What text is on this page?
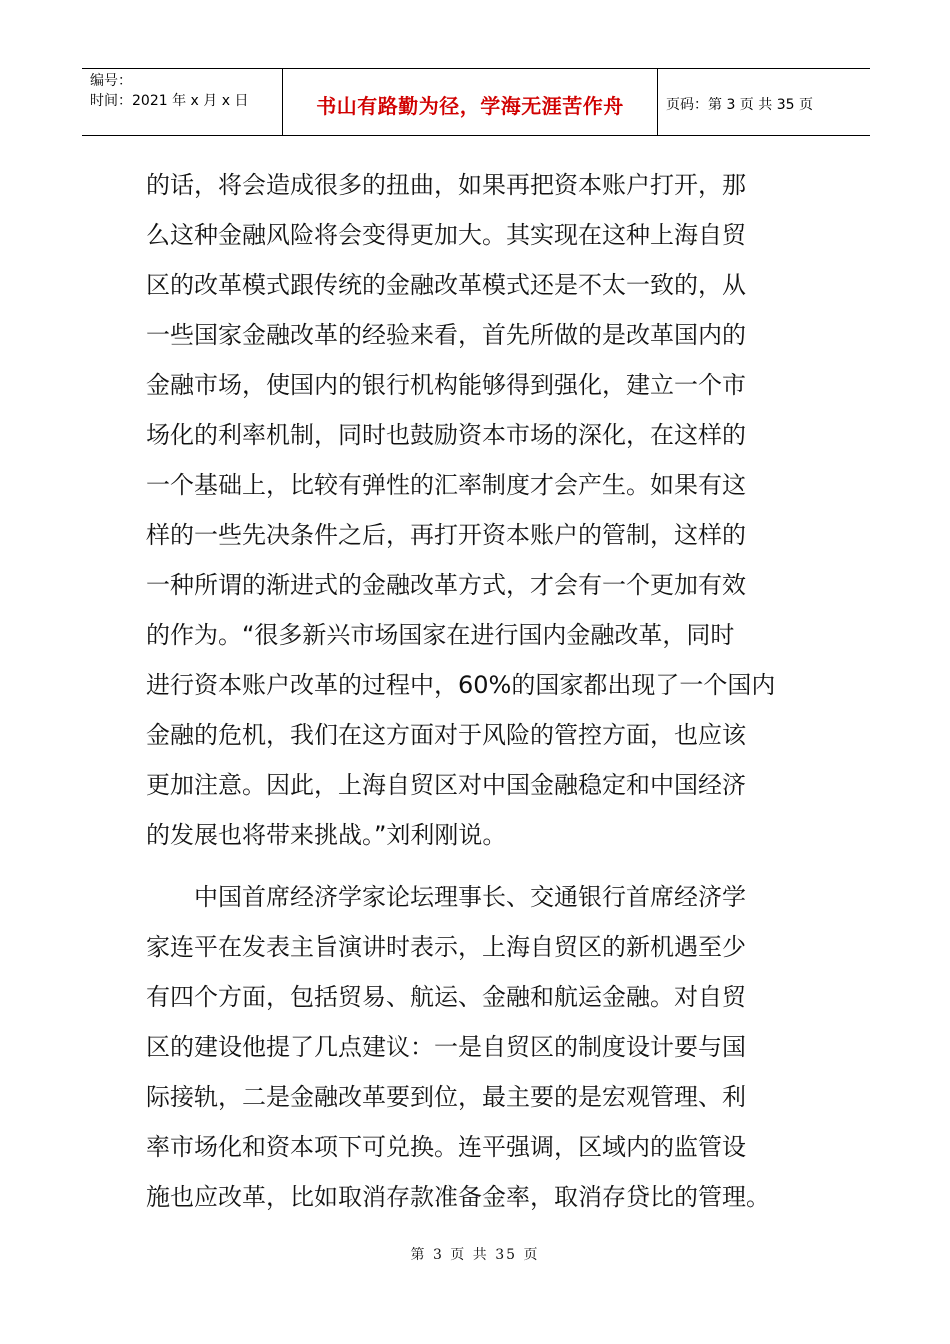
编号：
时间：2021 年 x 月 x 日	书山有路勤为径，学海无涯苦作舟	页码：第 3 页 共 35 页

的话，将会造成很多的扭曲，如果再把资本账户打开，那

么这种金融风险将会变得更加大。其实现在这种上海自贸

区的改革模式跟传统的金融改革模式还是不太一致的，从

一些国家金融改革的经验来看，首先所做的是改革国内的

金融市场，使国内的银行机构能够得到强化，建立一个市

场化的利率机制，同时也鼓励资本市场的深化，在这样的

一个基础上，比较有弹性的汇率制度才会产生。如果有这

样的一些先决条件之后，再打开资本账户的管制，这样的

一种所谓的渐进式的金融改革方式，才会有一个更加有效

的作为。“很多新兴市场国家在进行国内金融改革，同时

进行资本账户改革的过程中，60%的国家都出现了一个国内

金融的危机，我们在这方面对于风险的管控方面，也应该

更加注意。因此，上海自贸区对中国金融稳定和中国经济

的发展也将带来挑战。”刘利刚说。

　　中国首席经济学家论坛理事长、交通银行首席经济学

家连平在发表主旨演讲时表示，上海自贸区的新机遇至少

有四个方面，包括贸易、航运、金融和航运金融。对自贸

区的建设他提了几点建议：一是自贸区的制度设计要与国

际接轨，二是金融改革要到位，最主要的是宏观管理、利

率市场化和资本项下可兑换。连平强调，区域内的监管设

施也应改革，比如取消存款准备金率，取消存贷比的管理。

第 3 页 共 35 页
